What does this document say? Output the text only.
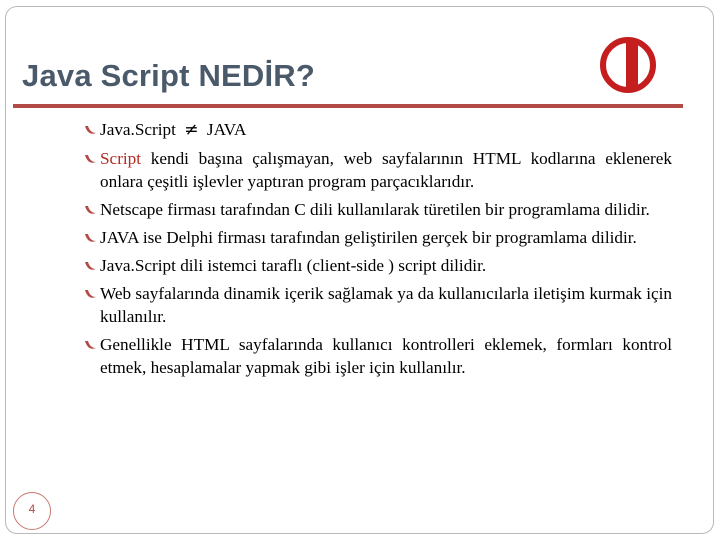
Java Script NEDİR?
Java.Script ≠ JAVA
Script kendi başına çalışmayan, web sayfalarının HTML kodlarına eklenerek onlara çeşitli işlevler yaptıran program parçacıklarıdır.
Netscape firması tarafından C dili kullanılarak türetilen bir programlama dilidir.
JAVA ise Delphi firması tarafından geliştirilen gerçek bir programlama dilidir.
Java.Script dili istemci taraflı (client-side ) script dilidir.
Web sayfalarında dinamik içerik sağlamak ya da kullanıcılarla iletişim kurmak için kullanılır.
Genellikle HTML sayfalarında kullanıcı kontrolleri eklemek, formları kontrol etmek, hesaplamalar yapmak gibi işler için kullanılır.
4
